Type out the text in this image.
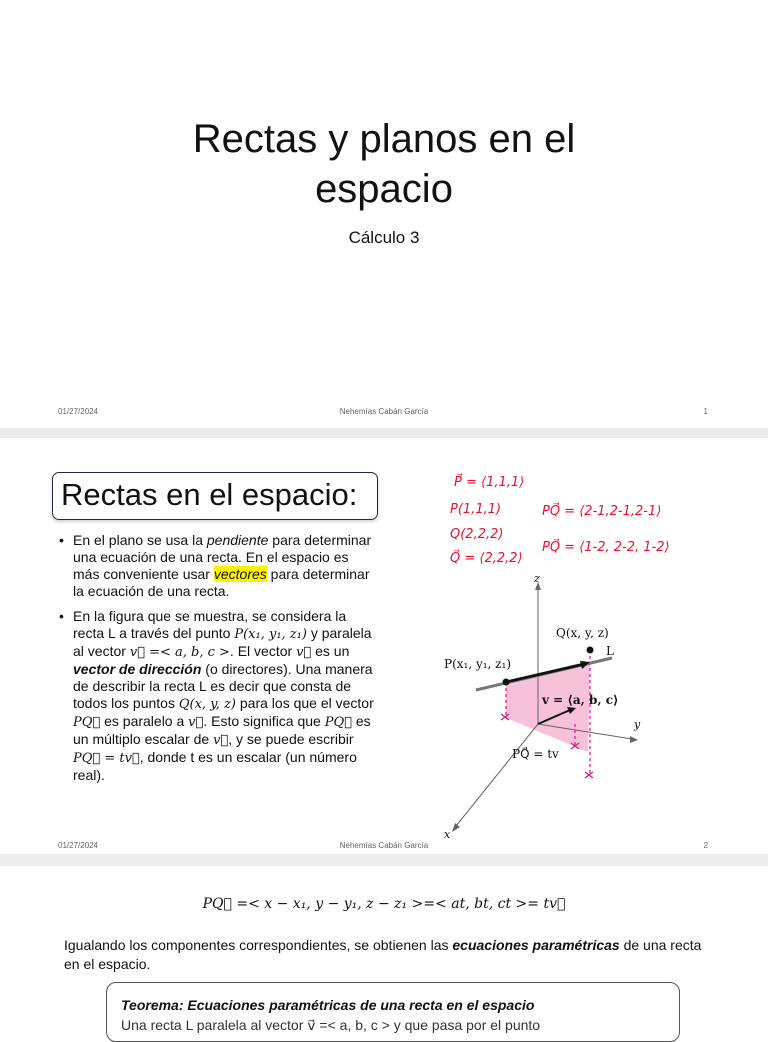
Rectas y planos en el
espacio
Cálculo 3
01/27/2024	Nehemías Cabán García	1
Rectas en el espacio:
• En el plano se usa la pendiente para determinar una ecuación de una recta. En el espacio es más conveniente usar vectores para determinar la ecuación de una recta.
• En la figura que se muestra, se considera la recta L a través del punto P(x₁, y₁, z₁) y paralela al vector v⃗ =< a, b, c >. El vector v⃗ es un vector de dirección (o directores). Una manera de describir la recta L es decir que consta de todos los puntos Q(x, y, z) para los que el vector PQ⃗ es paralelo a v⃗. Esto significa que PQ⃗ es un múltiplo escalar de v⃗, y se puede escribir PQ⃗ = tv⃗, donde t es un escalar (un número real).
P⃗ = ⟨1,1,1⟩
P(1,1,1)
Q(2,2,2)
Q⃗ = ⟨2,2,2⟩
PQ⃗ = ⟨2-1,2-1,2-1⟩
PQ⃗ = ⟨1-2, 2-2, 1-2⟩
Q(x, y, z)
L
P(x₁, y₁, z₁)
v = ⟨a, b, c⟩
PQ⃗ = tv
z
y
x
01/27/2024	Nehemías Cabán García	2
PQ⃗ =< x − x₁, y − y₁, z − z₁ >=< at, bt, ct >= tv⃗
Igualando los componentes correspondientes, se obtienen las ecuaciones paramétricas de una recta en el espacio.
Teorema: Ecuaciones paramétricas de una recta en el espacio
Una recta L paralela al vector v⃗ =< a, b, c > y que pasa por el punto
